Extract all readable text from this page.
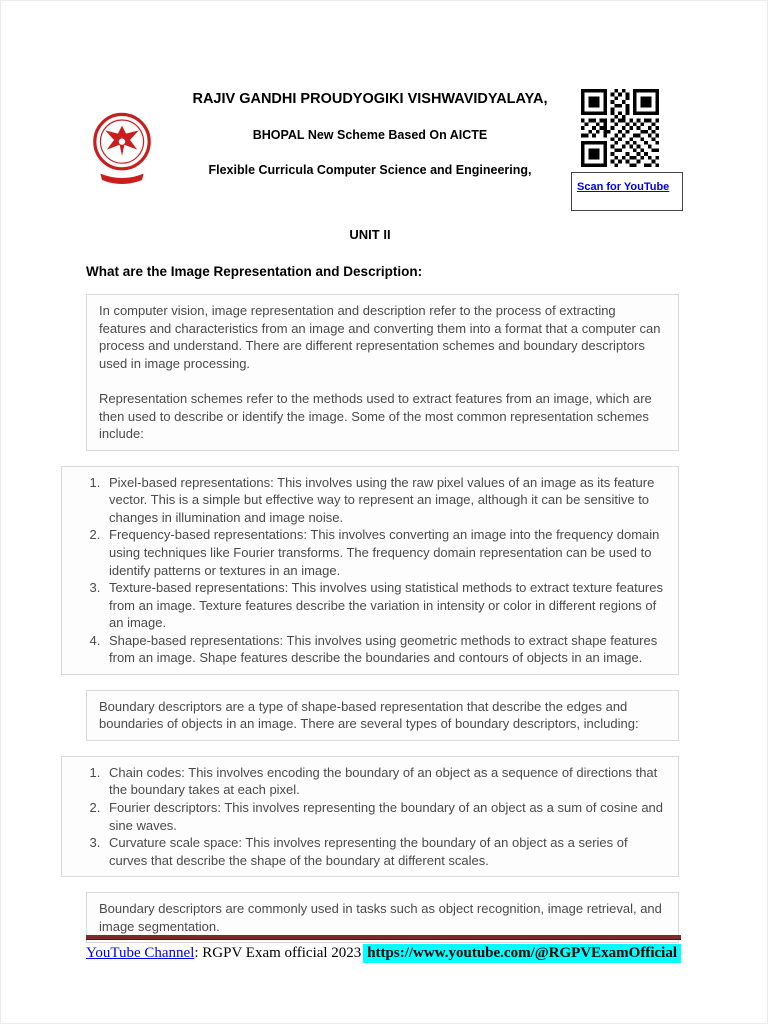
RAJIV GANDHI PROUDYOGIKI VISHWAVIDYALAYA,
BHOPAL New Scheme Based On AICTE
Flexible Curricula Computer Science and Engineering,
Scan for YouTube
UNIT II
What are the Image Representation and Description:

In computer vision, image representation and description refer to the process of extracting features and characteristics from an image and converting them into a format that a computer can process and understand. There are different representation schemes and boundary descriptors used in image processing.

Representation schemes refer to the methods used to extract features from an image, which are then used to describe or identify the image. Some of the most common representation schemes include:

1. Pixel-based representations: This involves using the raw pixel values of an image as its feature vector. This is a simple but effective way to represent an image, although it can be sensitive to changes in illumination and image noise.
2. Frequency-based representations: This involves converting an image into the frequency domain using techniques like Fourier transforms. The frequency domain representation can be used to identify patterns or textures in an image.
3. Texture-based representations: This involves using statistical methods to extract texture features from an image. Texture features describe the variation in intensity or color in different regions of an image.
4. Shape-based representations: This involves using geometric methods to extract shape features from an image. Shape features describe the boundaries and contours of objects in an image.

Boundary descriptors are a type of shape-based representation that describe the edges and boundaries of objects in an image. There are several types of boundary descriptors, including:

1. Chain codes: This involves encoding the boundary of an object as a sequence of directions that the boundary takes at each pixel.
2. Fourier descriptors: This involves representing the boundary of an object as a sum of cosine and sine waves.
3. Curvature scale space: This involves representing the boundary of an object as a series of curves that describe the shape of the boundary at different scales.

Boundary descriptors are commonly used in tasks such as object recognition, image retrieval, and image segmentation.

YouTube Channel: RGPV Exam official 2023 https://www.youtube.com/@RGPVExamOfficial
